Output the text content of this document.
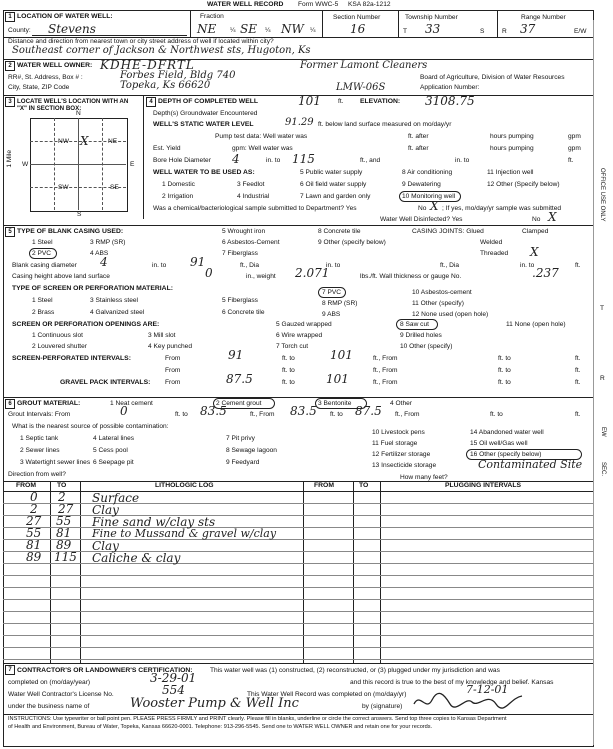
WATER WELL RECORD Form WWC-5 KSA 82a-1212
1 LOCATION OF WATER WELL:
County: Stevens
Fraction
NE ¼ SE ¼ NW ¼
Section Number
16
Township Number
T 33	S
Range Number
R 37	E/W
Distance and direction from nearest town or city street address of well if located within city?
Southeast corner of Jackson & Northwest sts, Hugoton, Ks
2 WATER WELL OWNER: KDHE-DFRTL	Former Lamont Cleaners
RR#, St. Address, Box # :	Forbes Field, Bldg 740	Board of Agriculture, Division of Water Resources
City, State, ZIP Code	Topeka, Ks 66620	Application Number:
LMW-06S
3 LOCATE WELL'S LOCATION WITH AN "X" IN SECTION BOX:
N
S
W	E
NW	NE
SW	SE
X
1 Mile
4 DEPTH OF COMPLETED WELL	101	ft. ELEVATION: 3108.75
Depth(s) Groundwater Encountered
WELL'S STATIC WATER LEVEL	91.29 ft. below land surface measured on mo/day/yr
Pump test data: Well water was	ft. after	hours pumping	gpm
Est. Yield	gpm: Well water was	ft. after	hours pumping	gpm
Bore Hole Diameter 4	in. to 115	ft., and	in. to	ft.
WELL WATER TO BE USED AS:	5 Public water supply	8 Air conditioning	11 Injection well
1 Domestic	3 Feedlot	6 Oil field water supply	9 Dewatering	12 Other (Specify below)
2 Irrigation	4 Industrial	7 Lawn and garden only	10 Monitoring well
Was a chemical/bacteriological sample submitted to Department? Yes	No X ; If yes, mo/day/yr sample was submitted
Water Well Disinfected? Yes	No X
5 TYPE OF BLANK CASING USED:
1 Steel	3 RMP (SR)
5 Wrought iron	8 Concrete tile
2 PVC	4 ABS
6 Asbestos-Cement	9 Other (specify below)
7 Fiberglass
CASING JOINTS: Glued	Clamped
Welded
Threaded X
Blank casing diameter 4	in. to 91	ft., Dia	in. to	ft., Dia	in. to	ft.
Casing height above land surface	0	in., weight 2.071	lbs./ft. Wall thickness or gauge No.	.237
TYPE OF SCREEN OR PERFORATION MATERIAL:
1 Steel	3 Stainless steel	5 Fiberglass
7 PVC	10 Asbestos-cement
2 Brass	4 Galvanized steel	6 Concrete tile
8 RMP (SR)	11 Other (specify)
9 ABS	12 None used (open hole)
SCREEN OR PERFORATION OPENINGS ARE:	5 Gauzed wrapped	8 Saw cut	11 None (open hole)
1 Continuous slot	3 Mill slot	6 Wire wrapped	9 Drilled holes
2 Louvered shutter	4 Key punched	7 Torch cut	10 Other (specify)
SCREEN-PERFORATED INTERVALS:	From	91	ft. to	101	ft., From	ft. to	ft.
From	ft. to	ft., From	ft. to	ft.
GRAVEL PACK INTERVALS: From	87.5	ft. to	101	ft., From	ft. to	ft.
6 GROUT MATERIAL:	1 Neat cement	2 Cement grout	3 Bentonite	4 Other
Grout Intervals: From	0	ft. to 83.5	ft., From 83.5 ft. to 87.5 ft., From	ft. to	ft.
What is the nearest source of possible contamination:
1 Septic tank	4 Lateral lines	7 Pit privy
10 Livestock pens	14 Abandoned water well
2 Sewer lines	5 Cess pool	8 Sewage lagoon
11 Fuel storage	15 Oil well/Gas well
3 Watertight sewer lines 6 Seepage pit	9 Feedyard
12 Fertilizer storage	16 Other (specify below)
13 Insecticide storage	Contaminated Site
Direction from well?	How many feet?
FROM	TO	LITHOLOGIC LOG	FROM	TO	PLUGGING INTERVALS
0 2 Surface
2 27 Clay
27 55 Fine sand w/clay sts
55 81 Fine to Mussand & gravel w/clay
81 89 Clay
89 115 Caliche & clay
7 CONTRACTOR'S OR LANDOWNER'S CERTIFICATION:	This water well was (1) constructed, (2) reconstructed, or (3) plugged under my jurisdiction and was
completed on (mo/day/year)	3-29-01	and this record is true to the best of my knowledge and belief. Kansas
Water Well Contractor's License No.	554	This Water Well Record was completed on (mo/day/yr)	7-12-01
under the business name of	Wooster Pump & Well Inc	by (signature)
INSTRUCTIONS: Use typewriter or ball point pen. PLEASE PRESS FIRMLY and PRINT clearly. Please fill in blanks, underline or circle the correct answers. Send top three copies to Kansas Department
of Health and Environment, Bureau of Water, Topeka, Kansas 66620-0001. Telephone: 913-296-5545. Send one to WATER WELL OWNER and retain one for your records.
OFFICE USE ONLY
T
R
EW
SEC.
